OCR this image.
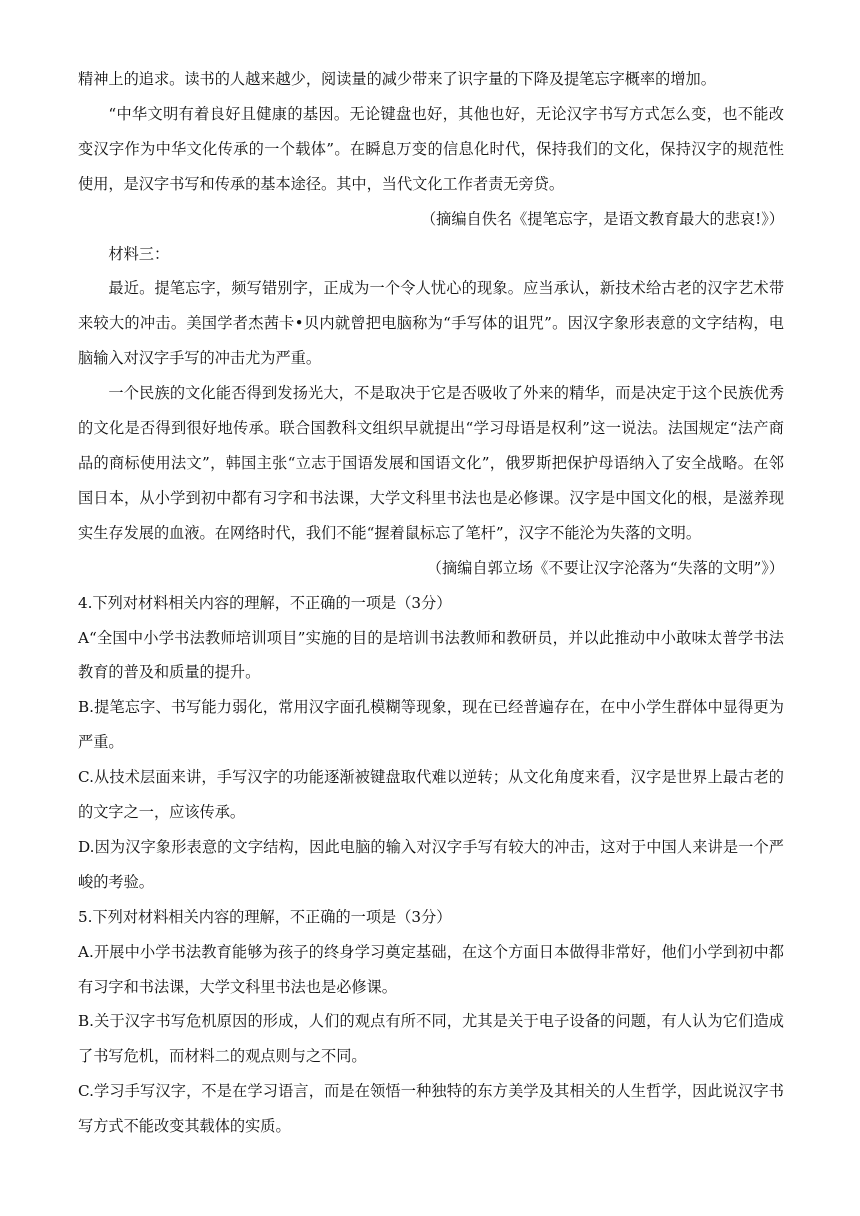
精神上的追求。读书的人越来越少，阅读量的减少带来了识字量的下降及提笔忘字概率的增加。

“中华文明有着良好且健康的基因。无论键盘也好，其他也好，无论汉字书写方式怎么变，也不能改变汉字作为中华文化传承的一个载体”。在瞬息万变的信息化时代，保持我们的文化，保持汉字的规范性使用，是汉字书写和传承的基本途径。其中，当代文化工作者责无旁贷。

（摘编自佚名《提笔忘字，是语文教育最大的悲哀!》）

材料三：

最近。提笔忘字，频写错别字，正成为一个令人忧心的现象。应当承认，新技术给古老的汉字艺术带来较大的冲击。美国学者杰茜卡•贝内就曾把电脑称为“手写体的诅咒”。因汉字象形表意的文字结构，电脑输入对汉字手写的冲击尤为严重。

一个民族的文化能否得到发扬光大，不是取决于它是否吸收了外来的精华，而是决定于这个民族优秀的文化是否得到很好地传承。联合国教科文组织早就提出“学习母语是权利”这一说法。法国规定“法产商品的商标使用法文”，韩国主张“立志于国语发展和国语文化”，俄罗斯把保护母语纳入了安全战略。在邻国日本，从小学到初中都有习字和书法课，大学文科里书法也是必修课。汉字是中国文化的根，是滋养现实生存发展的血液。在网络时代，我们不能“握着鼠标忘了笔杆”，汉字不能沦为失落的文明。

（摘编自郭立场《不要让汉字沦落为“失落的文明”》）

4.下列对材料相关内容的理解，不正确的一项是（3分）

A“全国中小学书法教师培训项目”实施的目的是培训书法教师和教研员，并以此推动中小敢味太普学书法教育的普及和质量的提升。

B.提笔忘字、书写能力弱化，常用汉字面孔模糊等现象，现在已经普遍存在，在中小学生群体中显得更为严重。

C.从技术层面来讲，手写汉字的功能逐渐被键盘取代难以逆转；从文化角度来看，汉字是世界上最古老的的文字之一，应该传承。

D.因为汉字象形表意的文字结构，因此电脑的输入对汉字手写有较大的冲击，这对于中国人来讲是一个严峻的考验。

5.下列对材料相关内容的理解，不正确的一项是（3分）

A.开展中小学书法教育能够为孩子的终身学习奠定基础，在这个方面日本做得非常好，他们小学到初中都有习字和书法课，大学文科里书法也是必修课。

B.关于汉字书写危机原因的形成，人们的观点有所不同，尤其是关于电子设备的问题，有人认为它们造成了书写危机，而材料二的观点则与之不同。

C.学习手写汉字，不是在学习语言，而是在领悟一种独特的东方美学及其相关的人生哲学，因此说汉字书写方式不能改变其载体的实质。
